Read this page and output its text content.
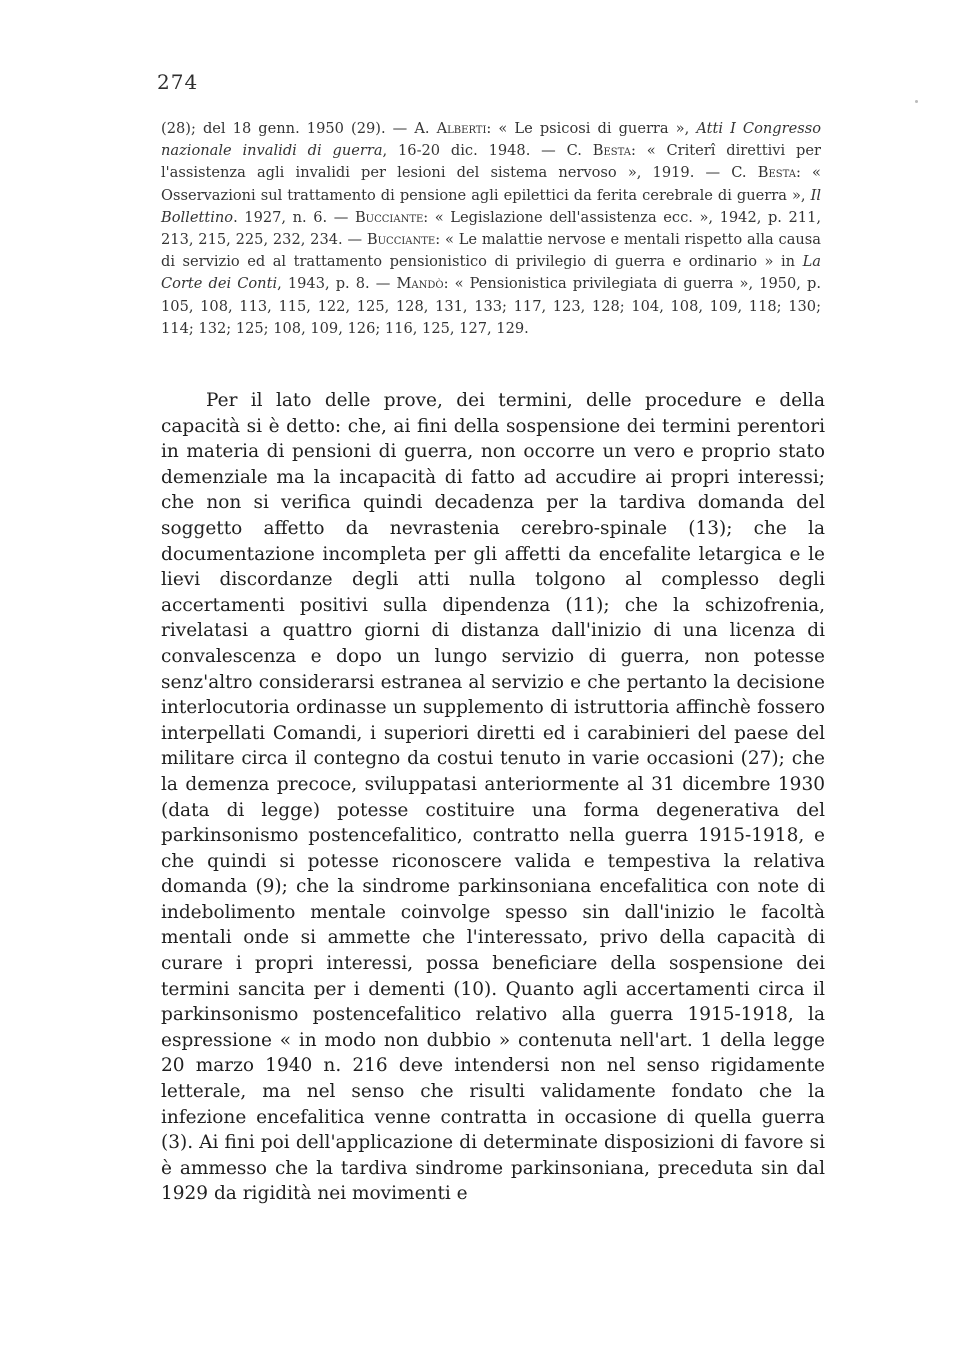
274
(28); del 18 genn. 1950 (29). — A. Alberti: « Le psicosi di guerra », Atti I Congresso nazionale invalidi di guerra, 16-20 dic. 1948. — C. Besta: « Criterî direttivi per l'assistenza agli invalidi per lesioni del sistema nervoso », 1919. — C. Besta: « Osservazioni sul trattamento di pensione agli epilettici da ferita cerebrale di guerra », Il Bollettino. 1927, n. 6. — Bucciante: « Legislazione dell'assistenza ecc. », 1942, p. 211, 213, 215, 225, 232, 234. — Bucciante: « Le malattie nervose e mentali rispetto alla causa di servizio ed al trattamento pensionistico di privilegio di guerra e ordinario » in La Corte dei Conti, 1943, p. 8. — Mandò: « Pensionistica privilegiata di guerra », 1950, p. 105, 108, 113, 115, 122, 125, 128, 131, 133; 117, 123, 128; 104, 108, 109, 118; 130; 114; 132; 125; 108, 109, 126; 116, 125, 127, 129.

Per il lato delle prove, dei termini, delle procedure e della capacità si è detto: che, ai fini della sospensione dei termini perentori in materia di pensioni di guerra, non occorre un vero e proprio stato demenziale ma la incapacità di fatto ad accudire ai propri interessi; che non si verifica quindi decadenza per la tardiva domanda del soggetto affetto da nevrastenia cerebro-spinale (13); che la documentazione incompleta per gli affetti da encefalite letargica e le lievi discordanze degli atti nulla tolgono al complesso degli accertamenti positivi sulla dipendenza (11); che la schizofrenia, rivelatasi a quattro giorni di distanza dall'inizio di una licenza di convalescenza e dopo un lungo servizio di guerra, non potesse senz'altro considerarsi estranea al servizio e che pertanto la decisione interlocutoria ordinasse un supplemento di istruttoria affinchè fossero interpellati Comandi, i superiori diretti ed i carabinieri del paese del militare circa il contegno da costui tenuto in varie occasioni (27); che la demenza precoce, sviluppatasi anteriormente al 31 dicembre 1930 (data di legge) potesse costituire una forma degenerativa del parkinsonismo postencefalitico, contratto nella guerra 1915-1918, e che quindi si potesse riconoscere valida e tempestiva la relativa domanda (9); che la sindrome parkinsoniana encefalitica con note di indebolimento mentale coinvolge spesso sin dall'inizio le facoltà mentali onde si ammette che l'interessato, privo della capacità di curare i propri interessi, possa beneficiare della sospensione dei termini sancita per i dementi (10). Quanto agli accertamenti circa il parkinsonismo postencefalitico relativo alla guerra 1915-1918, la espressione « in modo non dubbio » contenuta nell'art. 1 della legge 20 marzo 1940 n. 216 deve intendersi non nel senso rigidamente letterale, ma nel senso che risulti validamente fondato che la infezione encefalitica venne contratta in occasione di quella guerra (3). Ai fini poi dell'applicazione di determinate disposizioni di favore si è ammesso che la tardiva sindrome parkinsoniana, preceduta sin dal 1929 da rigidità nei movimenti e
